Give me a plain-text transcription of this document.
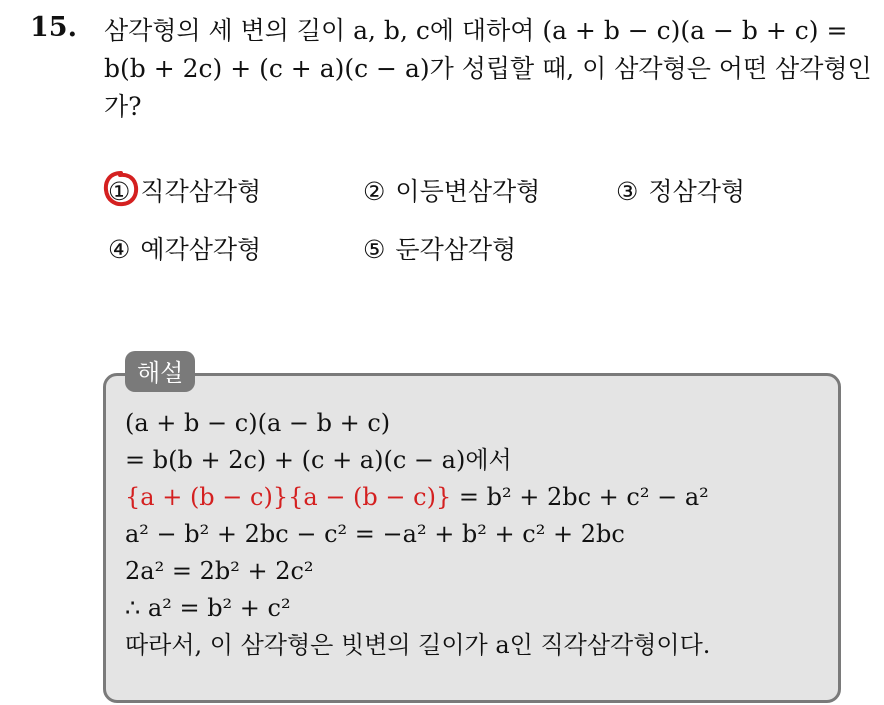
15. 삼각형의 세 변의 길이 a, b, c에 대하여 (a + b − c)(a − b + c) =
b(b + 2c) + (c + a)(c − a)가 성립할 때, 이 삼각형은 어떤 삼각형인
가?
① 직각삼각형	② 이등변삼각형	③ 정삼각형
④ 예각삼각형	⑤ 둔각삼각형
해설
(a + b − c)(a − b + c)
= b(b + 2c) + (c + a)(c − a)에서
{a + (b − c)}{a − (b − c)} = b² + 2bc + c² − a²
a² − b² + 2bc − c² = −a² + b² + c² + 2bc
2a² = 2b² + 2c²
∴ a² = b² + c²
따라서, 이 삼각형은 빗변의 길이가 a인 직각삼각형이다.
